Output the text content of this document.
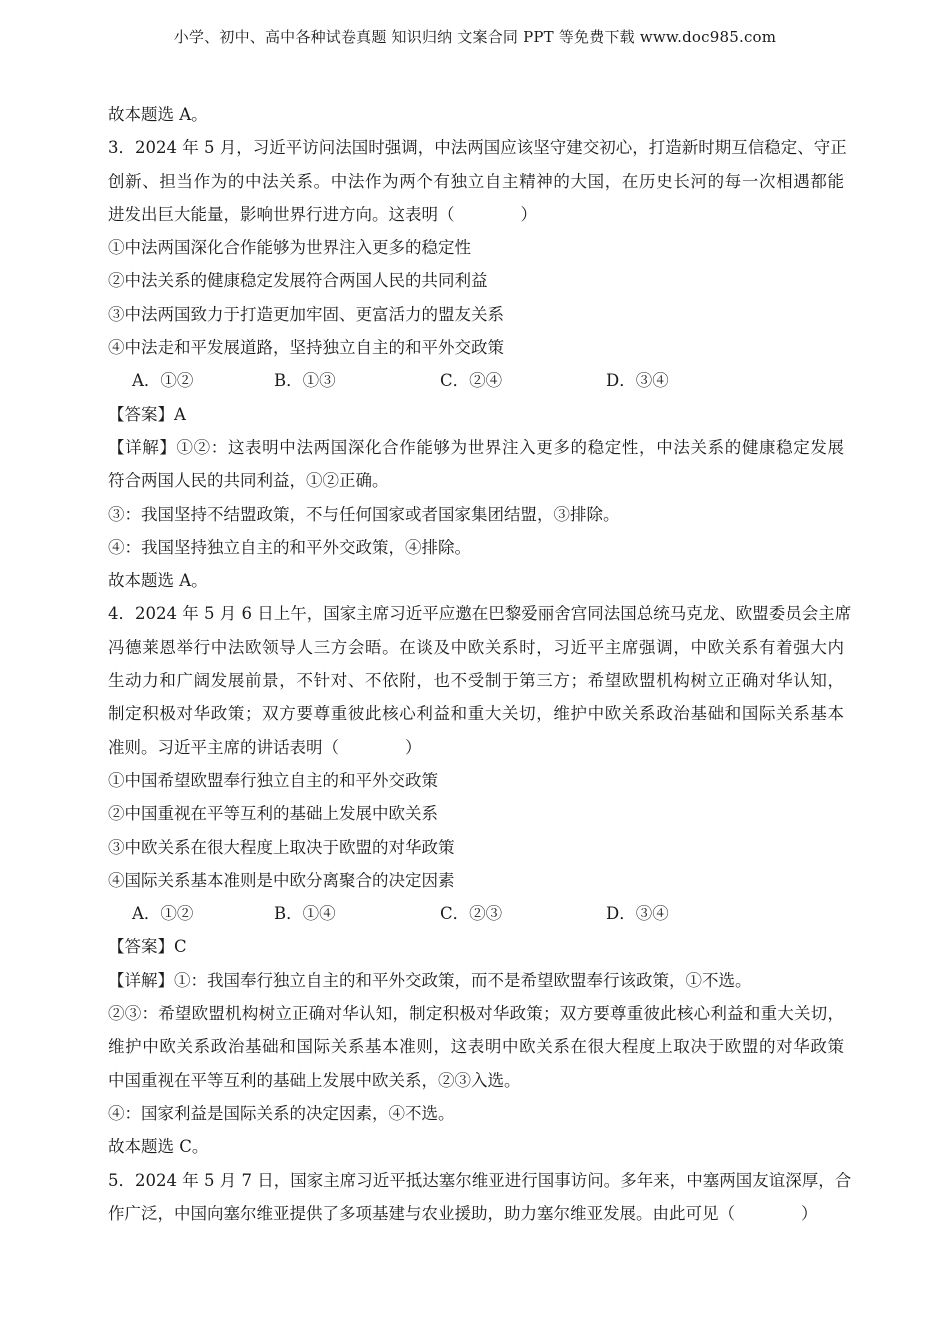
小学、初中、高中各种试卷真题 知识归纳 文案合同 PPT 等免费下载 www.doc985.com
故本题选 A。
3．2024 年 5 月，习近平访问法国时强调，中法两国应该坚守建交初心，打造新时期互信稳定、守正
创新、担当作为的中法关系。中法作为两个有独立自主精神的大国，在历史长河的每一次相遇都能
进发出巨大能量，影响世界行进方向。这表明（　　　　）
①中法两国深化合作能够为世界注入更多的稳定性
②中法关系的健康稳定发展符合两国人民的共同利益
③中法两国致力于打造更加牢固、更富活力的盟友关系
④中法走和平发展道路，坚持独立自主的和平外交政策
A．①②	B．①③	C．②④	D．③④
【答案】A
【详解】①②：这表明中法两国深化合作能够为世界注入更多的稳定性，中法关系的健康稳定发展
符合两国人民的共同利益，①②正确。
③：我国坚持不结盟政策，不与任何国家或者国家集团结盟，③排除。
④：我国坚持独立自主的和平外交政策，④排除。
故本题选 A。
4．2024 年 5 月 6 日上午，国家主席习近平应邀在巴黎爱丽舍宫同法国总统马克龙、欧盟委员会主席
冯德莱恩举行中法欧领导人三方会晤。在谈及中欧关系时，习近平主席强调，中欧关系有着强大内
生动力和广阔发展前景，不针对、不依附，也不受制于第三方；希望欧盟机构树立正确对华认知，
制定积极对华政策；双方要尊重彼此核心利益和重大关切，维护中欧关系政治基础和国际关系基本
准则。习近平主席的讲话表明（　　　　）
①中国希望欧盟奉行独立自主的和平外交政策
②中国重视在平等互利的基础上发展中欧关系
③中欧关系在很大程度上取决于欧盟的对华政策
④国际关系基本准则是中欧分离聚合的决定因素
A．①②	B．①④	C．②③	D．③④
【答案】C
【详解】①：我国奉行独立自主的和平外交政策，而不是希望欧盟奉行该政策，①不选。
②③：希望欧盟机构树立正确对华认知，制定积极对华政策；双方要尊重彼此核心利益和重大关切，
维护中欧关系政治基础和国际关系基本准则，这表明中欧关系在很大程度上取决于欧盟的对华政策
中国重视在平等互利的基础上发展中欧关系，②③入选。
④：国家利益是国际关系的决定因素，④不选。
故本题选 C。
5．2024 年 5 月 7 日，国家主席习近平抵达塞尔维亚进行国事访问。多年来，中塞两国友谊深厚，合
作广泛，中国向塞尔维亚提供了多项基建与农业援助，助力塞尔维亚发展。由此可见（　　　　）
